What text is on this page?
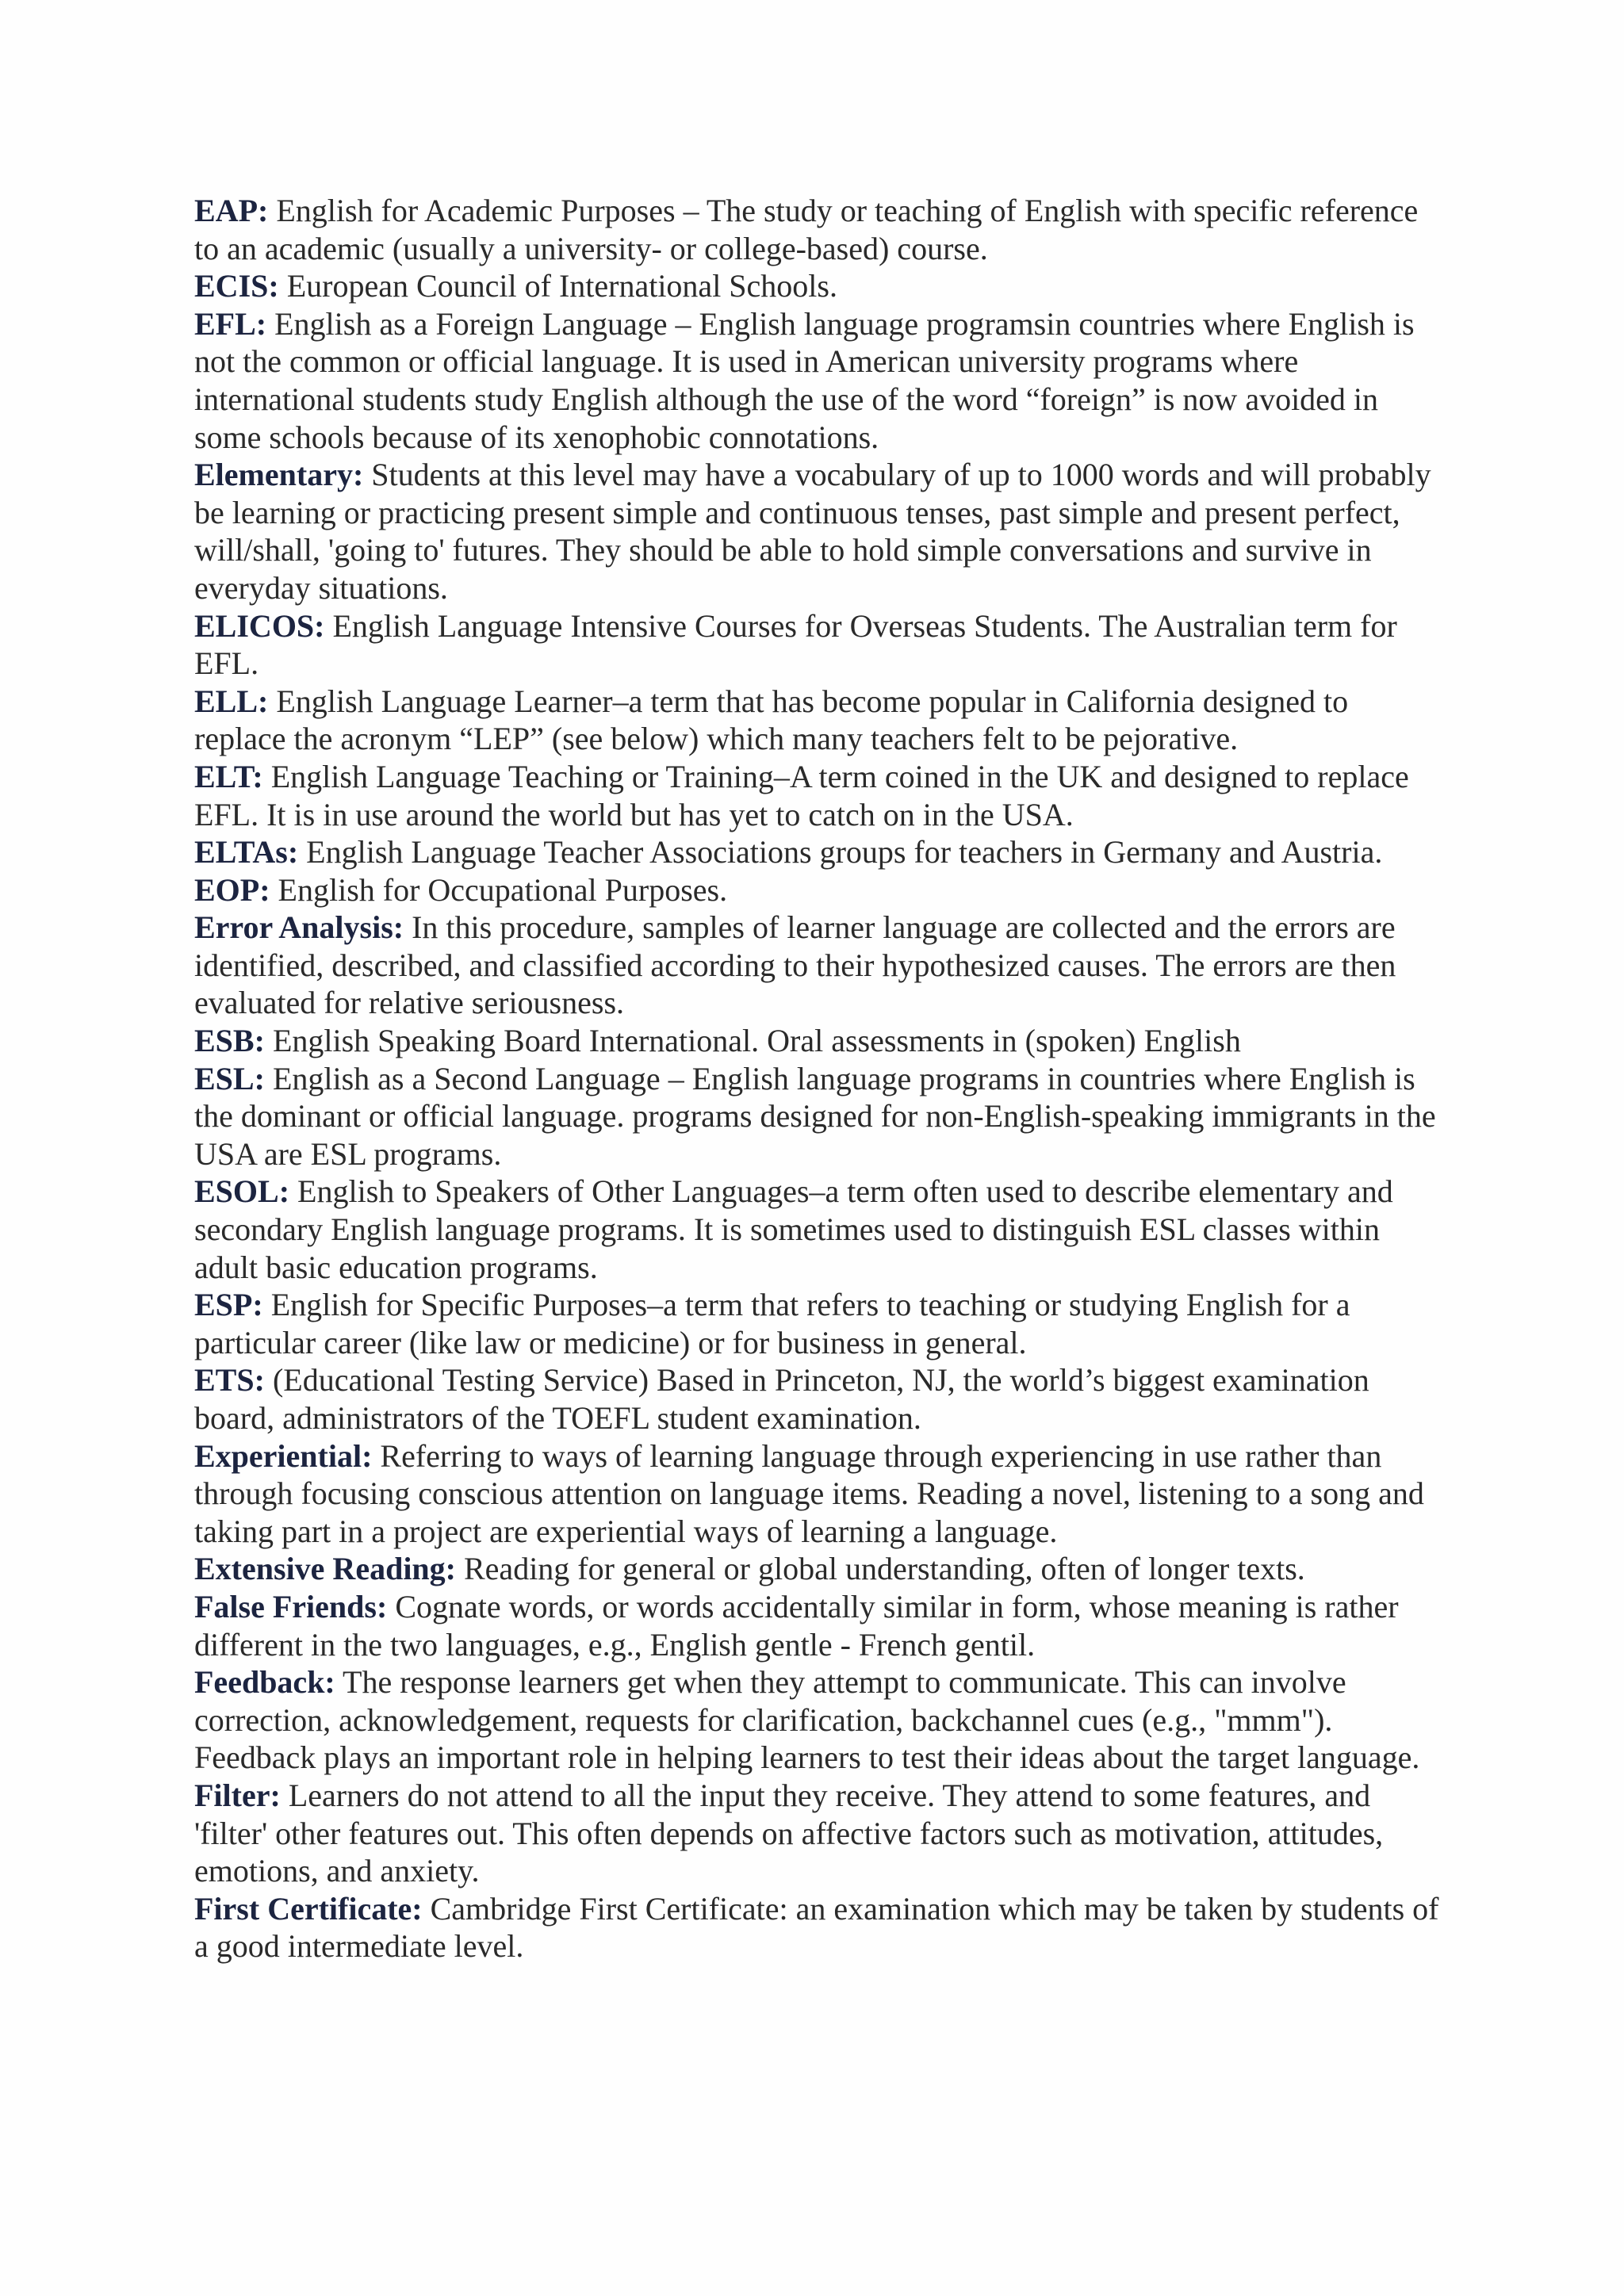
EAP: English for Academic Purposes – The study or teaching of English with specific reference to an academic (usually a university- or college-based) course.
ECIS: European Council of International Schools.
EFL: English as a Foreign Language – English language programsin countries where English is not the common or official language. It is used in American university programs where international students study English although the use of the word “foreign” is now avoided in some schools because of its xenophobic connotations.
Elementary: Students at this level may have a vocabulary of up to 1000 words and will probably be learning or practicing present simple and continuous tenses, past simple and present perfect, will/shall, 'going to' futures. They should be able to hold simple conversations and survive in everyday situations.
ELICOS: English Language Intensive Courses for Overseas Students. The Australian term for EFL.
ELL: English Language Learner–a term that has become popular in California designed to replace the acronym “LEP” (see below) which many teachers felt to be pejorative.
ELT: English Language Teaching or Training–A term coined in the UK and designed to replace EFL. It is in use around the world but has yet to catch on in the USA.
ELTAs: English Language Teacher Associations groups for teachers in Germany and Austria.
EOP: English for Occupational Purposes.
Error Analysis: In this procedure, samples of learner language are collected and the errors are identified, described, and classified according to their hypothesized causes. The errors are then evaluated for relative seriousness.
ESB: English Speaking Board International. Oral assessments in (spoken) English
ESL: English as a Second Language – English language programs in countries where English is the dominant or official language. programs designed for non-English-speaking immigrants in the USA are ESL programs.
ESOL: English to Speakers of Other Languages–a term often used to describe elementary and secondary English language programs. It is sometimes used to distinguish ESL classes within adult basic education programs.
ESP: English for Specific Purposes–a term that refers to teaching or studying English for a particular career (like law or medicine) or for business in general.
ETS: (Educational Testing Service) Based in Princeton, NJ, the world’s biggest examination board, administrators of the TOEFL student examination.
Experiential: Referring to ways of learning language through experiencing in use rather than through focusing conscious attention on language items. Reading a novel, listening to a song and taking part in a project are experiential ways of learning a language.
Extensive Reading: Reading for general or global understanding, often of longer texts.
False Friends: Cognate words, or words accidentally similar in form, whose meaning is rather different in the two languages, e.g., English gentle - French gentil.
Feedback: The response learners get when they attempt to communicate. This can involve correction, acknowledgement, requests for clarification, backchannel cues (e.g., "mmm"). Feedback plays an important role in helping learners to test their ideas about the target language.
Filter: Learners do not attend to all the input they receive. They attend to some features, and 'filter' other features out. This often depends on affective factors such as motivation, attitudes, emotions, and anxiety.
First Certificate: Cambridge First Certificate: an examination which may be taken by students of a good intermediate level.
